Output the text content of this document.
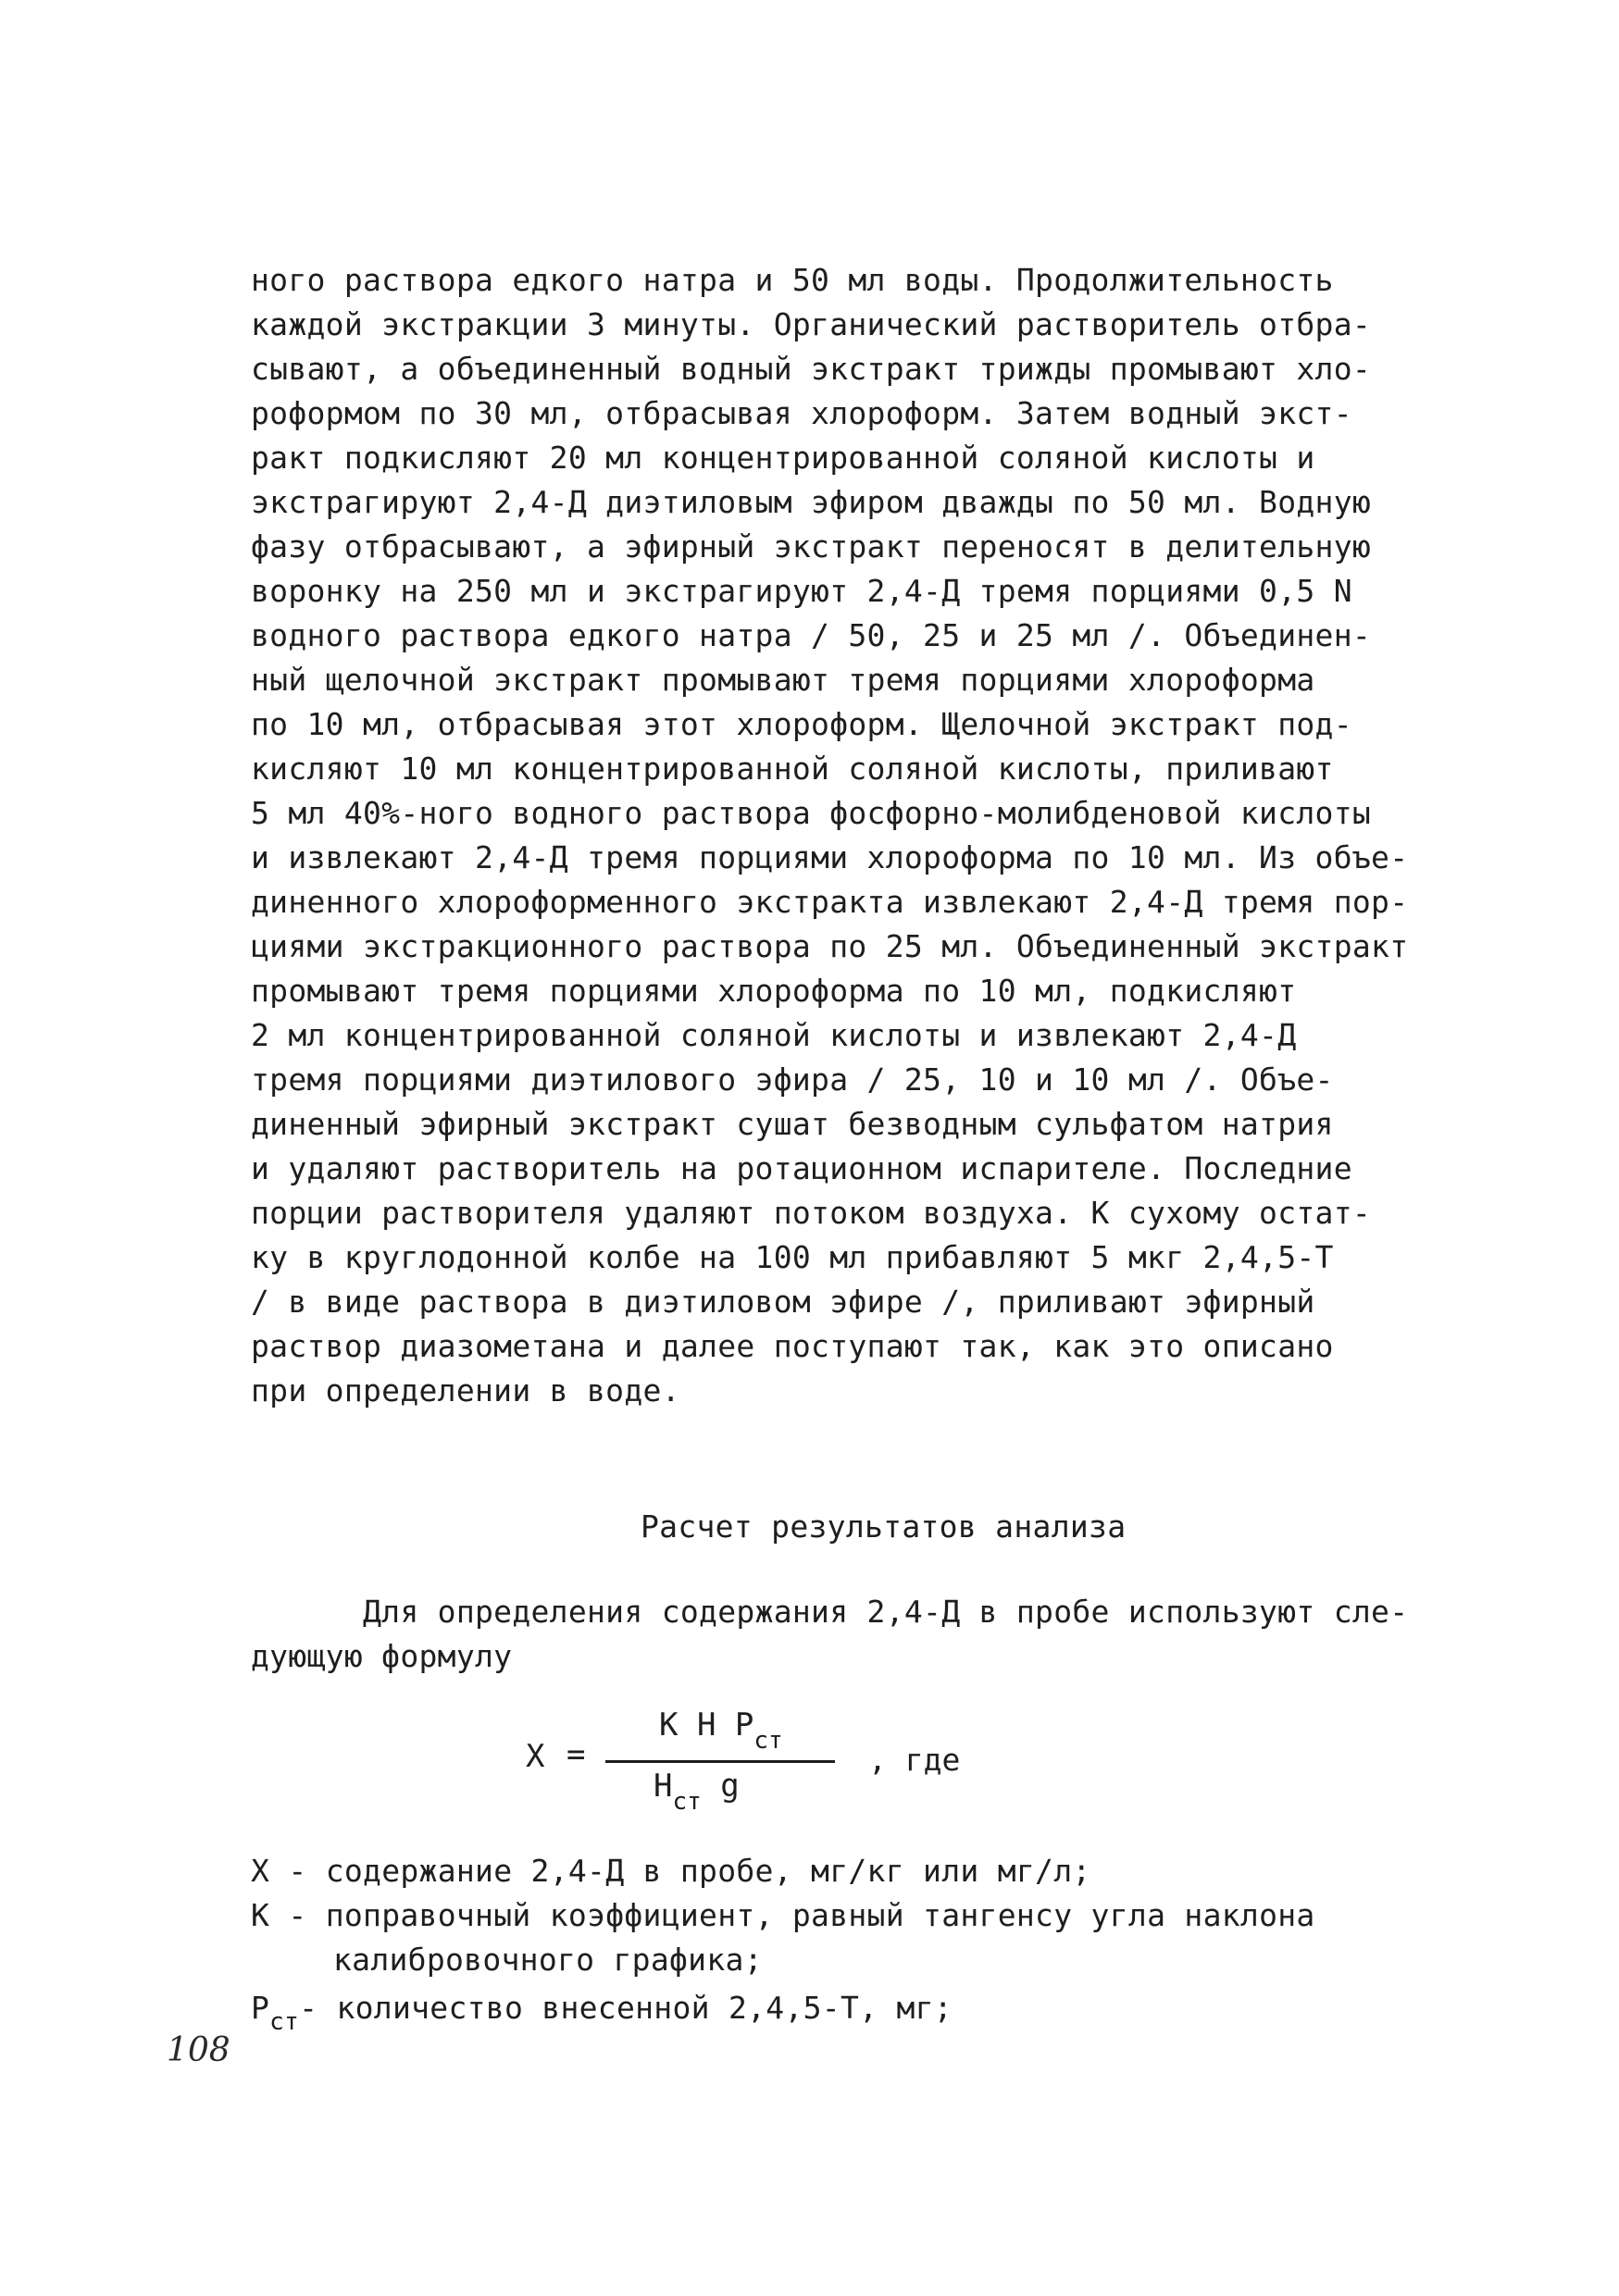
ного раствора едкого натра и 50 мл воды. Продолжительность
каждой экстракции 3 минуты. Органический растворитель отбра-
сывают, а объединенный водный экстракт трижды промывают хло-
роформом по 30 мл, отбрасывая хлороформ. Затем водный экст-
ракт подкисляют 20 мл концентрированной соляной кислоты и
экстрагируют 2,4-Д диэтиловым эфиром дважды по 50 мл. Водную
фазу отбрасывают, а эфирный экстракт переносят в делительную
воронку на 250 мл и экстрагируют 2,4-Д тремя порциями 0,5 N
водного раствора едкого натра / 50, 25 и 25 мл /. Объединен-
ный щелочной экстракт промывают тремя порциями хлороформа
по 10 мл, отбрасывая этот хлороформ. Щелочной экстракт под-
кисляют 10 мл концентрированной соляной кислоты, приливают
5 мл 40%-ного водного раствора фосфорно-молибденовой кислоты
и извлекают 2,4-Д тремя порциями хлороформа по 10 мл. Из объе-
диненного хлороформенного экстракта извлекают 2,4-Д тремя пор-
циями экстракционного раствора по 25 мл. Объединенный экстракт
промывают тремя порциями хлороформа по 10 мл, подкисляют
2 мл концентрированной соляной кислоты и извлекают 2,4-Д
тремя порциями диэтилового эфира / 25, 10 и 10 мл /. Объе-
диненный эфирный экстракт сушат безводным сульфатом натрия
и удаляют растворитель на ротационном испарителе. Последние
порции растворителя удаляют потоком воздуха. К сухому остат-
ку в круглодонной колбе на 100 мл прибавляют 5 мкг 2,4,5-Т
/ в виде раствора в диэтиловом эфире /, приливают эфирный
раствор диазометана и далее поступают так, как это описано
при определении в воде.
Расчет результатов анализа
Для определения содержания 2,4-Д в пробе используют сле-
дующую формулу
X =
К Н $Р_{ст}$
$Н_{ст}$ g
, где
X - содержание 2,4-Д в пробе, мг/кг или мг/л;
К - поправочный коэффициент, равный тангенсу угла наклона
калибровочного графика;
$Р_{ст}-$ количество внесенной 2,4,5-Т, мг;
108
